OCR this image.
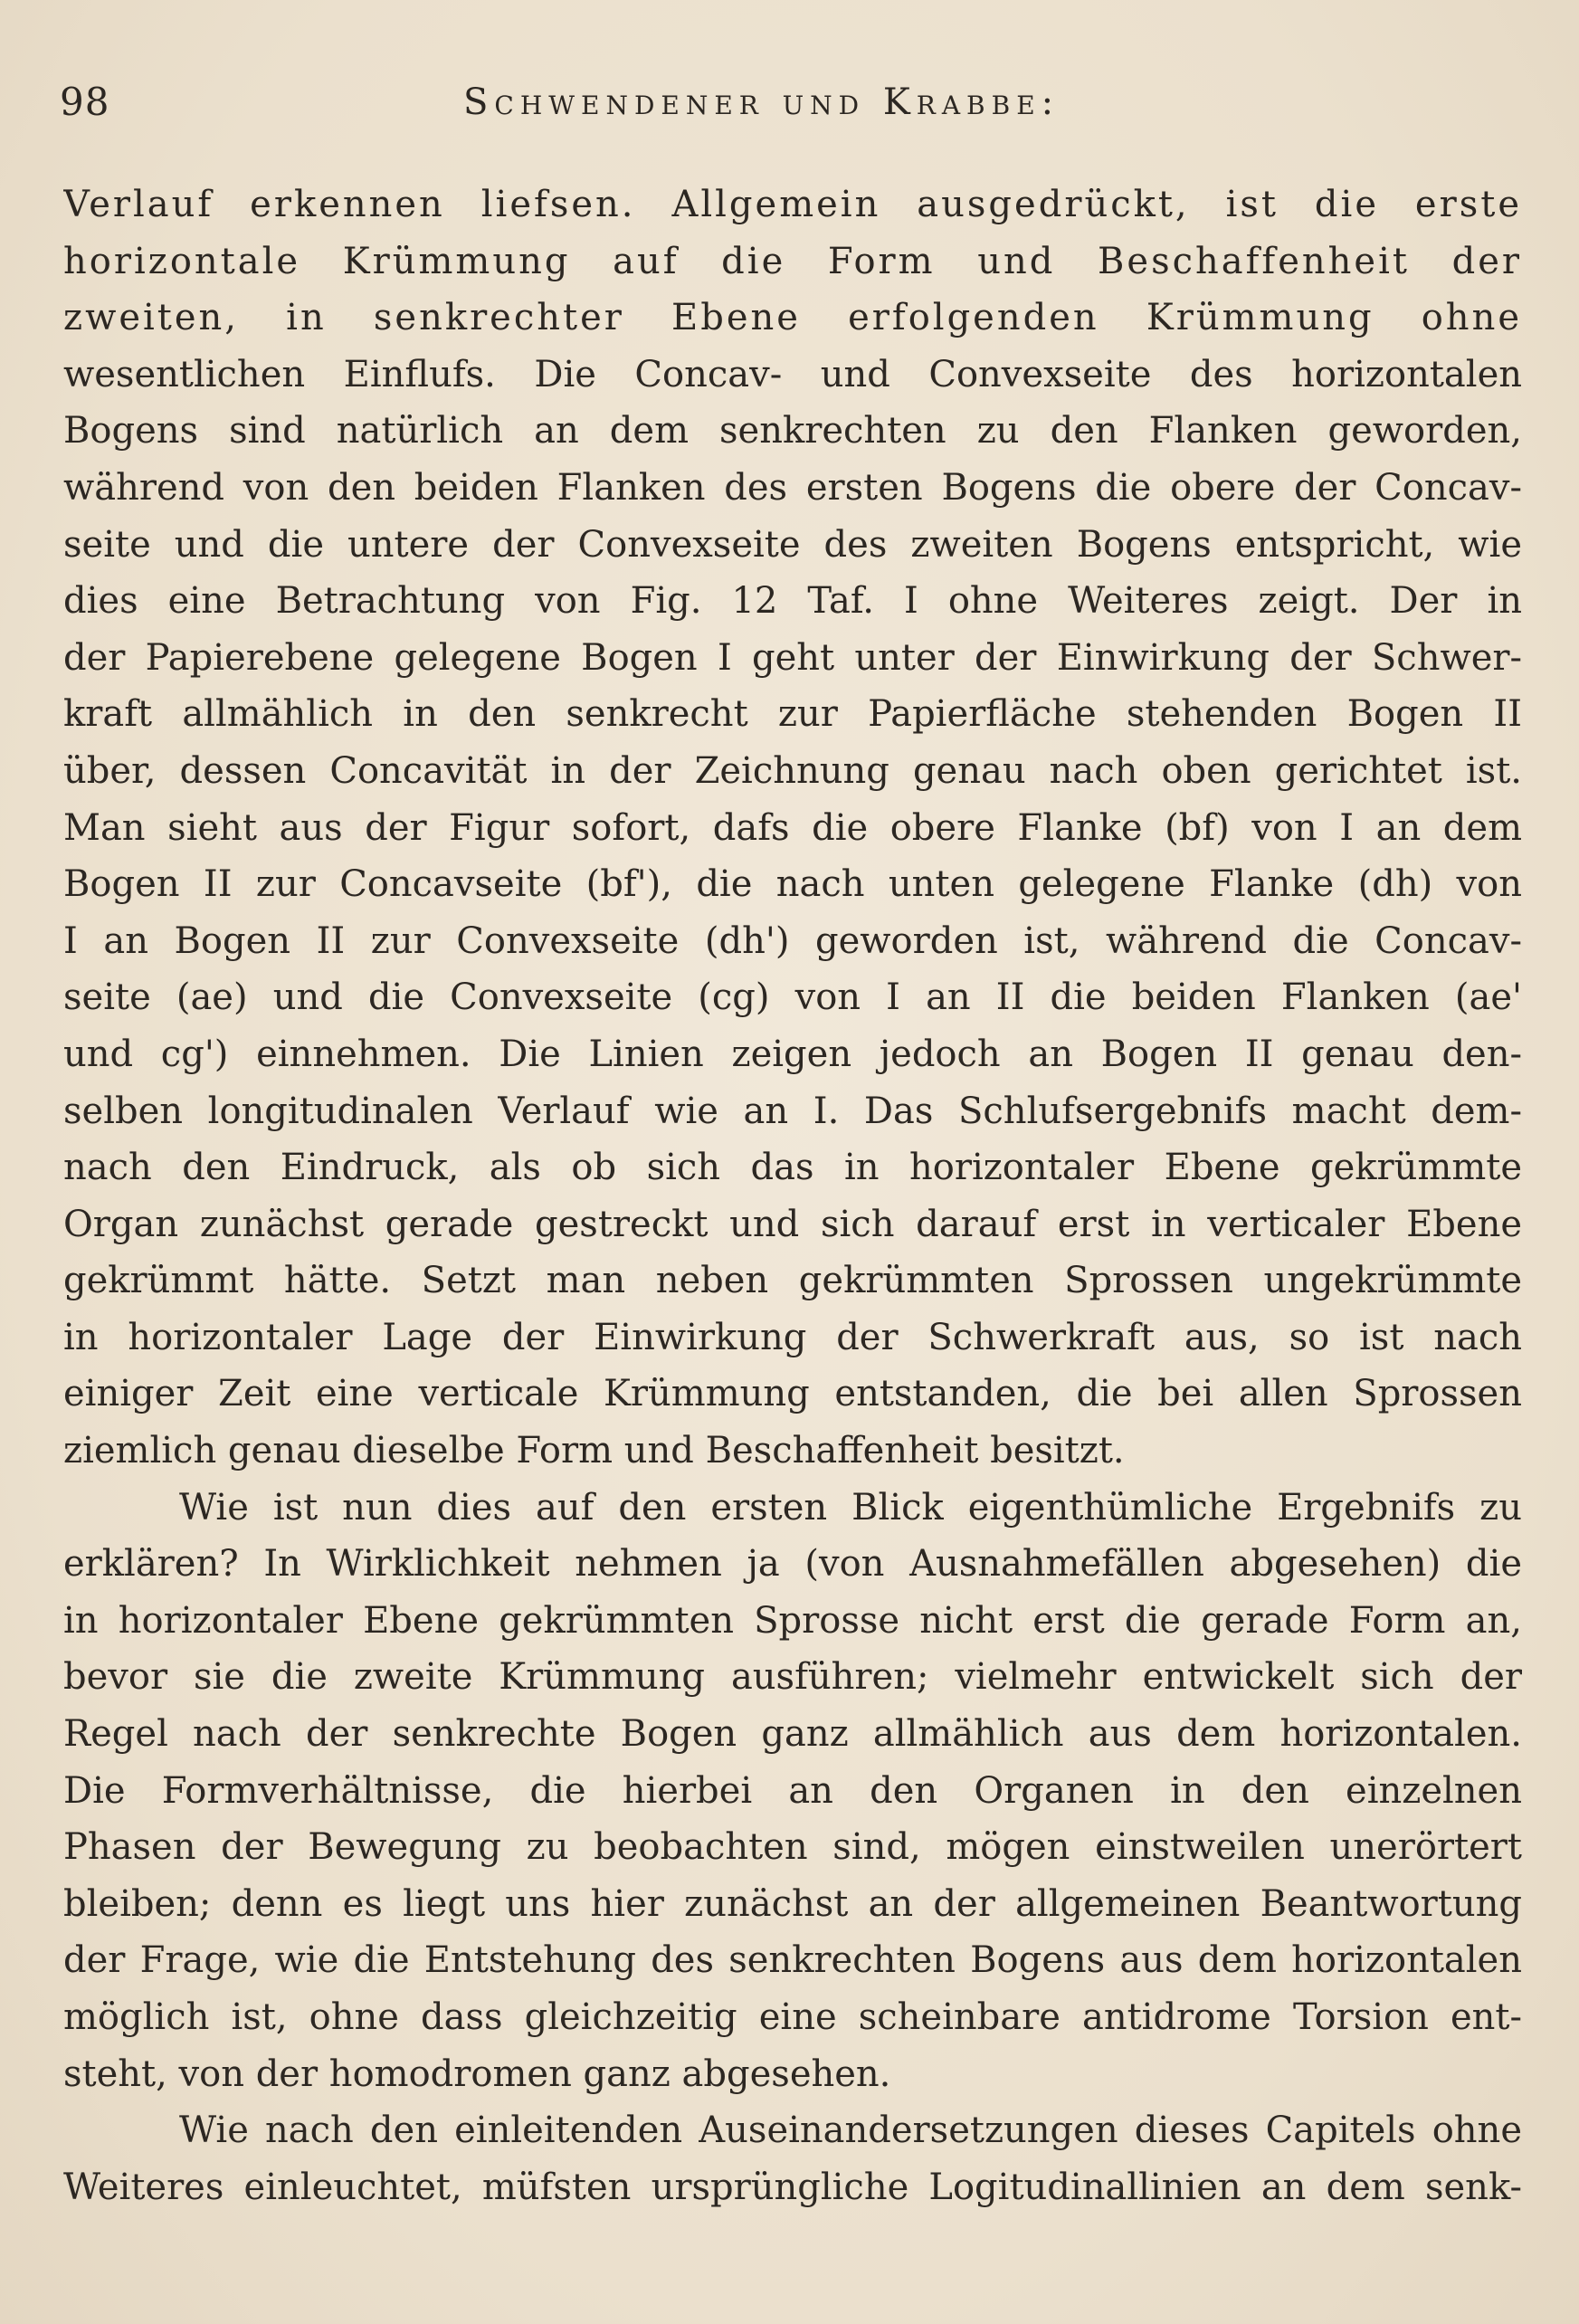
98	Schwendener und Krabbe:
Verlauf erkennen liefsen. Allgemein ausgedrückt, ist die erste
horizontale Krümmung auf die Form und Beschaffenheit der
zweiten, in senkrechter Ebene erfolgenden Krümmung ohne
wesentlichen Einflufs. Die Concav- und Convexseite des horizontalen
Bogens sind natürlich an dem senkrechten zu den Flanken geworden,
während von den beiden Flanken des ersten Bogens die obere der Concav-
seite und die untere der Convexseite des zweiten Bogens entspricht, wie
dies eine Betrachtung von Fig. 12 Taf. I ohne Weiteres zeigt. Der in
der Papierebene gelegene Bogen I geht unter der Einwirkung der Schwer-
kraft allmählich in den senkrecht zur Papierfläche stehenden Bogen II
über, dessen Concavität in der Zeichnung genau nach oben gerichtet ist.
Man sieht aus der Figur sofort, dafs die obere Flanke (bf) von I an dem
Bogen II zur Concavseite (bf'), die nach unten gelegene Flanke (dh) von
I an Bogen II zur Convexseite (dh') geworden ist, während die Concav-
seite (ae) und die Convexseite (cg) von I an II die beiden Flanken (ae'
und cg') einnehmen. Die Linien zeigen jedoch an Bogen II genau den-
selben longitudinalen Verlauf wie an I. Das Schlufsergebnifs macht dem-
nach den Eindruck, als ob sich das in horizontaler Ebene gekrümmte
Organ zunächst gerade gestreckt und sich darauf erst in verticaler Ebene
gekrümmt hätte. Setzt man neben gekrümmten Sprossen ungekrümmte
in horizontaler Lage der Einwirkung der Schwerkraft aus, so ist nach
einiger Zeit eine verticale Krümmung entstanden, die bei allen Sprossen
ziemlich genau dieselbe Form und Beschaffenheit besitzt.
Wie ist nun dies auf den ersten Blick eigenthümliche Ergebnifs zu
erklären? In Wirklichkeit nehmen ja (von Ausnahmefällen abgesehen) die
in horizontaler Ebene gekrümmten Sprosse nicht erst die gerade Form an,
bevor sie die zweite Krümmung ausführen; vielmehr entwickelt sich der
Regel nach der senkrechte Bogen ganz allmählich aus dem horizontalen.
Die Formverhältnisse, die hierbei an den Organen in den einzelnen
Phasen der Bewegung zu beobachten sind, mögen einstweilen unerörtert
bleiben; denn es liegt uns hier zunächst an der allgemeinen Beantwortung
der Frage, wie die Entstehung des senkrechten Bogens aus dem horizontalen
möglich ist, ohne dass gleichzeitig eine scheinbare antidrome Torsion ent-
steht, von der homodromen ganz abgesehen.
Wie nach den einleitenden Auseinandersetzungen dieses Capitels ohne
Weiteres einleuchtet, müfsten ursprüngliche Logitudinallinien an dem senk-
